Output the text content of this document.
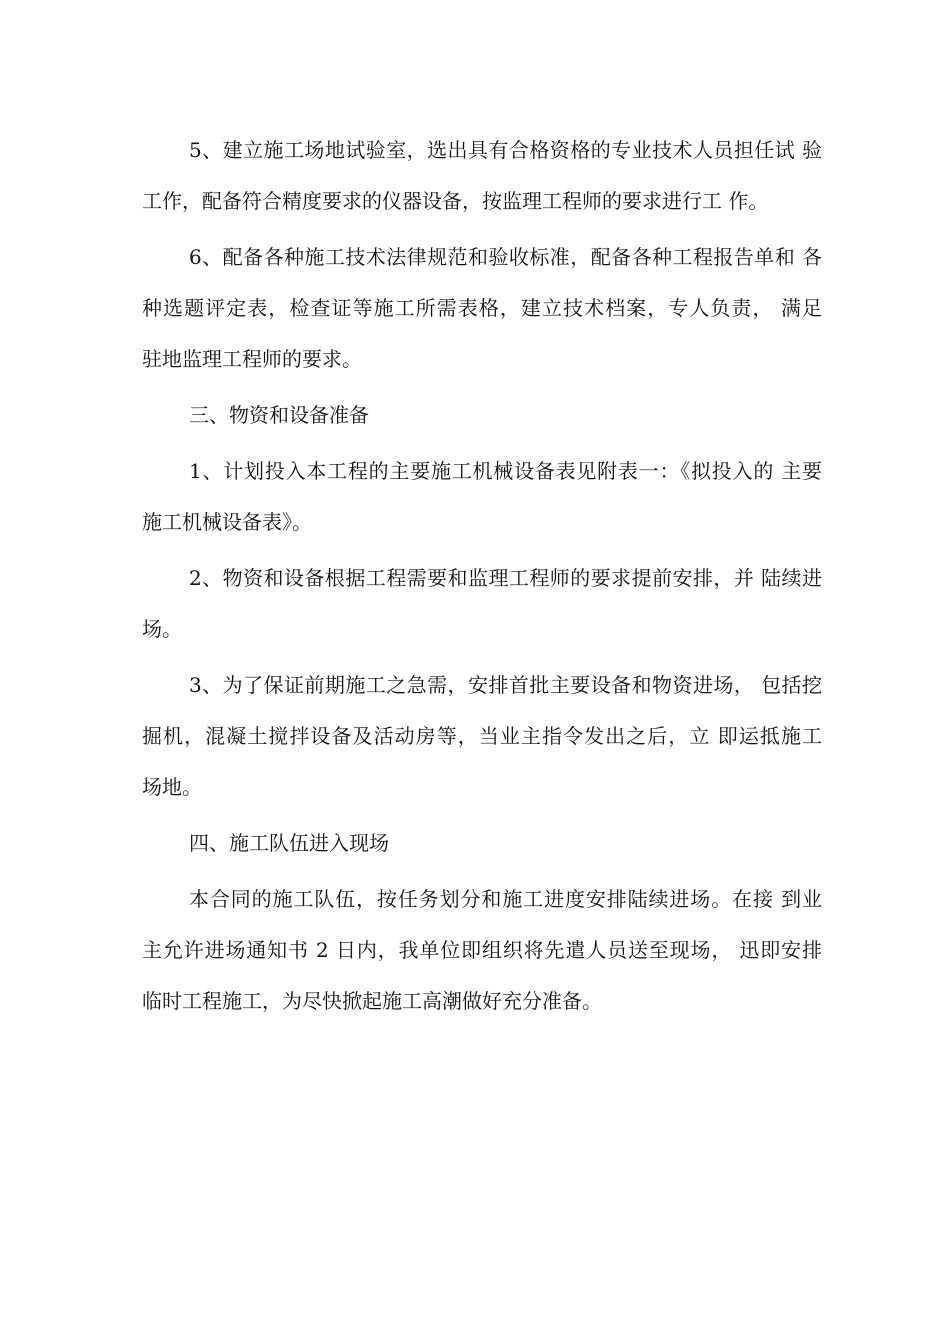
5、建立施工场地试验室，选出具有合格资格的专业技术人员担任试 验
工作，配备符合精度要求的仪器设备，按监理工程师的要求进行工 作。

6、配备各种施工技术法律规范和验收标准，配备各种工程报告单和 各
种选题评定表，检查证等施工所需表格，建立技术档案，专人负责， 满足
驻地监理工程师的要求。

三、物资和设备准备

1、计划投入本工程的主要施工机械设备表见附表一：《拟投入的 主要
施工机械设备表》。

2、物资和设备根据工程需要和监理工程师的要求提前安排，并 陆续进
场。

3、为了保证前期施工之急需，安排首批主要设备和物资进场， 包括挖
掘机，混凝土搅拌设备及活动房等，当业主指令发出之后，立 即运抵施工
场地。

四、施工队伍进入现场

本合同的施工队伍，按任务划分和施工进度安排陆续进场。在接 到业
主允许进场通知书 2 日内，我单位即组织将先遣人员送至现场， 迅即安排
临时工程施工，为尽快掀起施工高潮做好充分准备。
